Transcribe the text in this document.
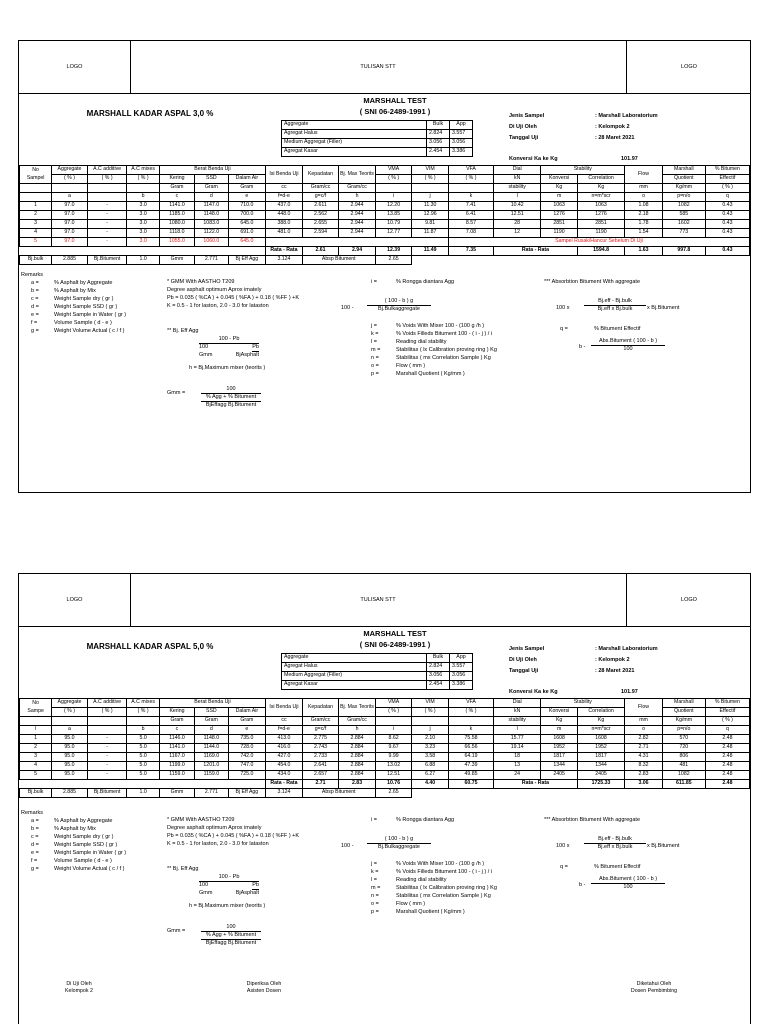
LOGO	TULISAN STT	LOGO
MARSHALL KADAR ASPAL 3,0 %
MARSHALL TEST
( SNI 06-2489-1991 )
Aggregate	Bulk	App
Agregat Halus	2.824	3.557
Medium Aggregat (Filler)	3.056	3.056
Agregat Kasar	2.454	3.386
Jenis Sampel	: Marshall Laboratorium
Di Uji Oleh	: Kelompok 2
Tanggal Uji	: 28 Maret 2021
Konversi Ka ke Kg	101.97
No
Sampel	Aggregate	A.C additive	A.C mixes	Berat Benda Uji			Isi Benda Uji	Kepadatan	Bj. Max Teorits	VMA	VIM	VFA	Dial	Stability		Flow	Marshall	% Bitumen
	( % )	( % )	( % )	Kering	SSD	Dalam Air				( % )	( % )	( % )	kN	Konversi	Correlation		Quotient	Effectif
				Gram	Gram	Gram	cc	Gram/cc	Gram/cc				stability	Kg	Kg	mm	Kg/mm	( % )
	a		b	c	d	e	f=d-e	g=c/f	h	i	j	k	l	m	n=m*scr	o	p=n/o	q
1	97.0	-	3.0	1141.0	1147.0	710.0	437.0	2.611	2.944	12.20	11.30	7.41	10.42	1063	1063	1.08	1082	0.43
2	97.0	-	3.0	1185.0	1148.0	700.0	448.0	2.562	2.944	13.85	12.96	6.41	12.51	1276	1276	2.18	585	0.43
3	97.0	-	3.0	1080.0	1083.0	645.0	388.0	2.655	2.944	10.79	9.81	8.57	28	2851	2851	1.78	1602	0.43
4	97.0	-	3.0	1118.0	1122.0	691.0	481.0	2.594	2.944	12.77	11.87	7.08	12	1190	1190	1.54	773	0.43
5	97.0	-	3.0	1055.0	1060.0	645.0						Sampel Rusak/Hancur Sebelum Di Uji						
							Rata - Rata	2.61	2.94	12.39	11.49	7.35	Rata - Rata		1594.8	1.63	997.8	0.43
Bj.bulk	2.885	Bj.Bitument	1.0	Gmm	2.771	Bj Eff Agg	3.124	Absp Bitument		2.65								
Remarks
a =	% Asphalt by Aggregate
b =	% Asphalt by Mix
c =	Weight Sample dry ( gr )
d =	Weight Sample SSD ( gr )
e =	Weight Sample in Water ( gr )
f =	Volume Sample ( d - e )
g =	Weight Volume Actual ( c / f )
* GMM With AASTHO T209
Degree asphalt optimum Aprox imately
Pb = 0.035 ( %CA ) + 0.045 ( %FA ) + 0.18 ( %FF ) +K
K = 0.5 - 1 for laston, 2.0 - 3.0 for lataston
** Bj. Eff Agg
100 - Pb
100	Pb
Gmm	BjAsphalt
h = Bj.Maximum mixer (teorits )
Gmm =
100
% Agg + % Bitument
BjEffagg Bj.Bitument
i =	% Rongga diantara Agg
100 -
( 100 - b ) g
Bj.Bulkaggregate
j =	% Voids With Mixer 100 - (100 g /h )
k =	% Voids Filleds Bitument 100 - ( i - j ) / i
l =	Reading dial stability
m =	Stabilitas ( lx Calibration proving ring ) Kg
n =	Stabilitas ( mx Correlation Sample ) Kg
o =	Flow ( mm )
p =	Marshall Quotient ( Kg/mm )
*** Absorbtion Bitument With aggregate
100 x
Bj.eff - Bj.bulk
Bj.eff x Bj.bulk	x Bj.Bitument
q =	% Bitument Effectif
b -
Abs.Bitument ( 100 - b )
100
LOGO	TULISAN STT	LOGO
MARSHALL KADAR ASPAL 5,0 %
MARSHALL TEST
( SNI 06-2489-1991 )
Aggregate	Bulk	App
Agregat Halus	2.824	3.557
Medium Aggregat (Filler)	3.056	3.056
Agregat Kasar	2.454	3.386
Jenis Sampel	: Marshall Laboratorium
Di Uji Oleh	: Kelompok 2
Tanggal Uji	: 28 Maret 2021
Konversi Ka ke Kg	101.97
No
Sampe	Aggregate	A.C additive	A.C mixes	Berat Benda Uji			Isi Benda Uji	Kepadatan	Bj. Max Teorits	VMA	VIM	VFA	Dial	Stability		Flow	Marshall	% Bitumen
	( % )	( % )	( % )	Kering	SSD	Dalam Air				( % )	( % )	( % )	kN	Konversi	Correlation		Quotient	Effectif
				Gram	Gram	Gram	cc	Gram/cc	Gram/cc				stability	Kg	Kg	mm	Kg/mm	( % )
l	a		b	c	d	e	f=d-e	g=c/f	h	i	j	k	l	m	n=m*scr	o	p=n/o	q
1	95.0	-	5.0	1146.0	1148.0	735.0	413.0	2.775	2.884	8.62	2.10	75.58	15.77	1608	1608	2.82	570	2.48
2	95.0	-	5.0	1141.0	1144.0	728.0	416.0	2.743	2.884	9.67	3.23	66.56	19.14	1952	1952	2.71	720	2.48
3	95.0	-	5.0	1167.0	1169.0	742.0	427.0	2.733	2.884	9.99	3.58	64.19	18	1817	1817	4.31	806	2.48
4	95.0	-	5.0	1199.0	1201.0	747.0	454.0	2.641	2.884	13.02	6.88	47.39	13	1344	1344	8.32	481	2.48
5	95.0	-	5.0	1159.0	1159.0	725.0	434.0	2.657	2.884	12.51	6.27	49.85	24	2405	2405	2.83	1082	2.48
							Rata - Rata	2.71	2.83	10.76	4.40	60.75	Rata - Rata		1725.33	3.06	611.85	2.48
Bj.bulk	2.885	Bj.Bitument	1.0	Gmm	2.771	Bj Eff Agg	3.124	Absp Bitument		2.65								
Remarks
a =	% Asphalt by Aggregate
b =	% Asphalt by Mix
c =	Weight Sample dry ( gr )
d =	Weight Sample SSD ( gr )
e =	Weight Sample in Water ( gr )
f =	Volume Sample ( d - e )
g =	Weight Volume Actual ( c / f )
* GMM With AASTHO T209
Degree asphalt optimum Aprox imately
Pb = 0.035 ( %CA ) + 0.045 ( %FA ) + 0.18 ( %FF ) +K
K = 0.5 - 1 for laston, 2.0 - 3.0 for lataston
** Bj. Eff Agg
100 - Pb
100	Pb
Gmm	BjAsphalt
h = Bj.Maximum mixer (teorits )
Gmm =
100
% Agg + % Bitument
BjEffagg Bj.Bitument
i =	% Rongga diantara Agg
100 -
( 100 - b ) g
Bj.Bulkaggregate
j =	% Voids With Mixer 100 - (100 g /h )
k =	% Voids Filleds Bitument 100 - ( i - j ) / i
l =	Reading dial stability
m =	Stabilitas ( lx Calibration proving ring ) Kg
n =	Stabilitas ( mx Correlation Sample ) Kg
o =	Flow ( mm )
p =	Marshall Quotient ( Kg/mm )
*** Absorbtion Bitument With aggregate
100 x
Bj.eff - Bj.bulk
Bj.eff x Bj.bulk	x Bj.Bitument
q =	% Bitument Effectif
b -
Abs.Bitument ( 100 - b )
100
Di Uji Oleh
Kelompok 2
Diperiksa Oleh
Asisten Dosen
Diketahui Oleh
Dosen Pembimbing
